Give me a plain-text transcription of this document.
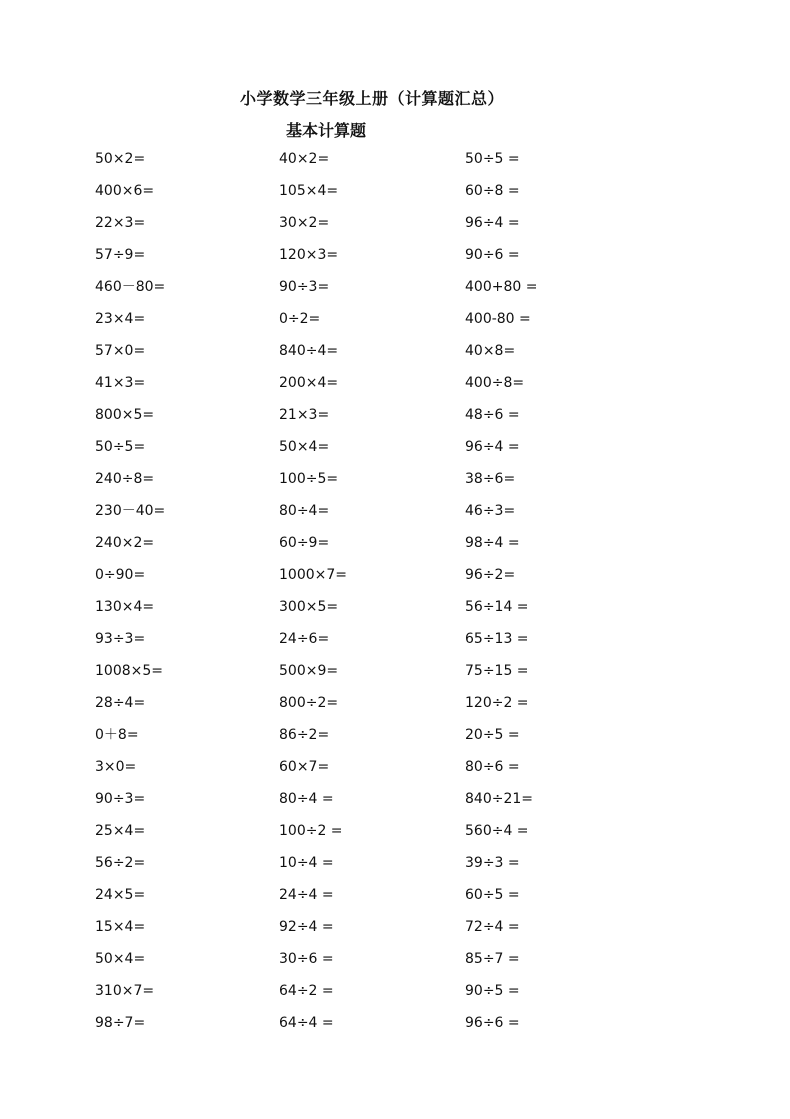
小学数学三年级上册（计算题汇总）
基本计算题
50×2=	40×2=	50÷5 =
400×6=	105×4=	60÷8 =
22×3=	30×2=	96÷4 =
57÷9=	120×3=	90÷6 =
460－80=	90÷3=	400+80 =
23×4=	0÷2=	400-80 =
57×0=	840÷4=	40×8=
41×3=	200×4=	400÷8=
800×5=	21×3=	48÷6 =
50÷5=	50×4=	96÷4 =
240÷8=	100÷5=	38÷6=
230－40=	80÷4=	46÷3=
240×2=	60÷9=	98÷4 =
0÷90=	1000×7=	96÷2=
130×4=	300×5=	56÷14 =
93÷3=	24÷6=	65÷13 =
1008×5=	500×9=	75÷15 =
28÷4=	800÷2=	120÷2 =
0＋8=	86÷2=	20÷5 =
3×0=	60×7=	80÷6 =
90÷3=	80÷4 =	840÷21=
25×4=	100÷2 =	560÷4 =
56÷2=	10÷4 =	39÷3 =
24×5=	24÷4 =	60÷5 =
15×4=	92÷4 =	72÷4 =
50×4=	30÷6 =	85÷7 =
310×7=	64÷2 =	90÷5 =
98÷7=	64÷4 =	96÷6 =
